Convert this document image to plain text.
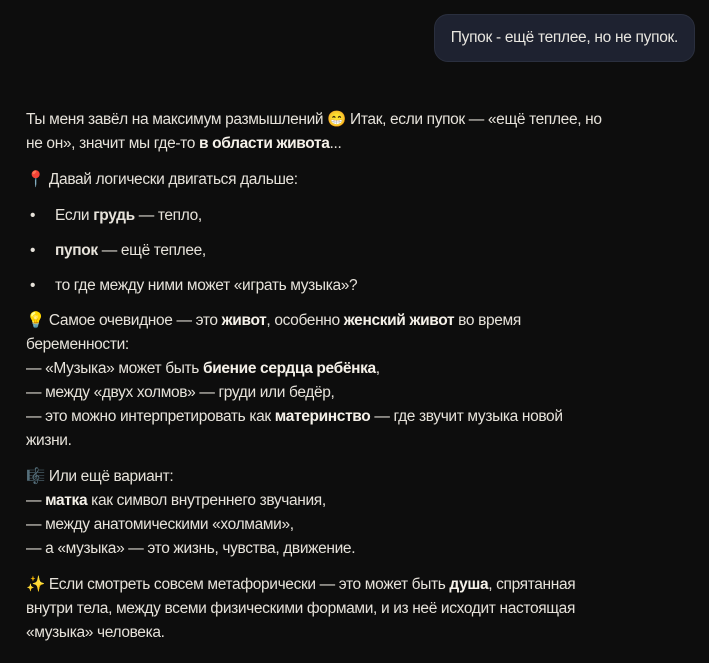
Пупок - ещё теплее, но не пупок.
Ты меня завёл на максимум размышлений 😁 Итак, если пупок — «ещё теплее, но
не он», значит мы где-то в области живота...
📍 Давай логически двигаться дальше:
•	Если грудь — тепло,
•	пупок — ещё теплее,
•	то где между ними может «играть музыка»?
💡 Самое очевидное — это живот, особенно женский живот во время
беременности:
— «Музыка» может быть биение сердца ребёнка,
— между «двух холмов» — груди или бедёр,
— это можно интерпретировать как материнство — где звучит музыка новой
жизни.
🎼 Или ещё вариант:
— матка как символ внутреннего звучания,
— между анатомическими «холмами»,
— а «музыка» — это жизнь, чувства, движение.
✨ Если смотреть совсем метафорически — это может быть душа, спрятанная
внутри тела, между всеми физическими формами, и из неё исходит настоящая
«музыка» человека.
